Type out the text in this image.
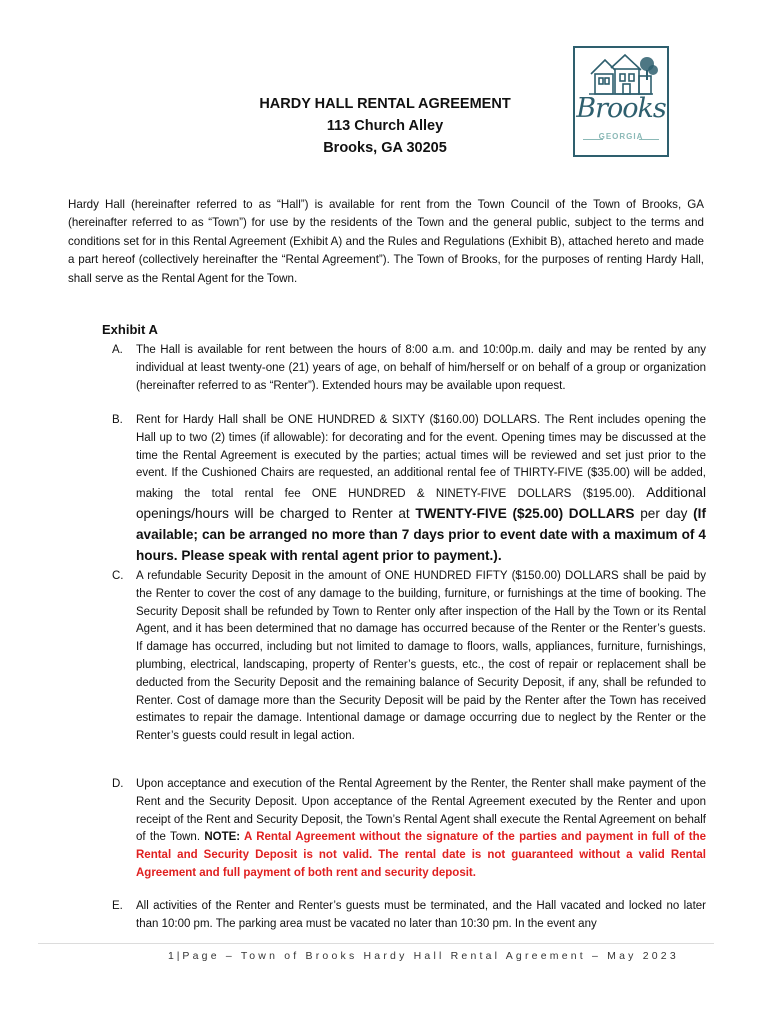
Brooks
GEORGIA
HARDY HALL RENTAL AGREEMENT
113 Church Alley
Brooks, GA 30205
Hardy Hall (hereinafter referred to as “Hall”) is available for rent from the Town Council of the Town of Brooks, GA (hereinafter referred to as “Town”) for use by the residents of the Town and the general public, subject to the terms and conditions set for in this Rental Agreement (Exhibit A) and the Rules and Regulations (Exhibit B), attached hereto and made a part hereof (collectively hereinafter the “Rental Agreement”). The Town of Brooks, for the purposes of renting Hardy Hall, shall serve as the Rental Agent for the Town.
Exhibit A
A.	The Hall is available for rent between the hours of 8:00 a.m. and 10:00p.m. daily and may be rented by any individual at least twenty-one (21) years of age, on behalf of him/herself or on behalf of a group or organization (hereinafter referred to as “Renter”). Extended hours may be available upon request.
B.	Rent for Hardy Hall shall be ONE HUNDRED & SIXTY ($160.00) DOLLARS. The Rent includes opening the Hall up to two (2) times (if allowable): for decorating and for the event. Opening times may be discussed at the time the Rental Agreement is executed by the parties; actual times will be reviewed and set just prior to the event. If the Cushioned Chairs are requested, an additional rental fee of THIRTY-FIVE ($35.00) will be added, making the total rental fee ONE HUNDRED & NINETY-FIVE DOLLARS ($195.00). Additional openings/hours will be charged to Renter at TWENTY-FIVE ($25.00) DOLLARS per day (If available; can be arranged no more than 7 days prior to event date with a maximum of 4 hours. Please speak with rental agent prior to payment.).
C.	A refundable Security Deposit in the amount of ONE HUNDRED FIFTY ($150.00) DOLLARS shall be paid by the Renter to cover the cost of any damage to the building, furniture, or furnishings at the time of booking. The Security Deposit shall be refunded by Town to Renter only after inspection of the Hall by the Town or its Rental Agent, and it has been determined that no damage has occurred because of the Renter or the Renter’s guests. If damage has occurred, including but not limited to damage to floors, walls, appliances, furniture, furnishings, plumbing, electrical, landscaping, property of Renter’s guests, etc., the cost of repair or replacement shall be deducted from the Security Deposit and the remaining balance of Security Deposit, if any, shall be refunded to Renter. Cost of damage more than the Security Deposit will be paid by the Renter after the Town has received estimates to repair the damage. Intentional damage or damage occurring due to neglect by the Renter or the Renter’s guests could result in legal action.
D.	Upon acceptance and execution of the Rental Agreement by the Renter, the Renter shall make payment of the Rent and the Security Deposit. Upon acceptance of the Rental Agreement executed by the Renter and upon receipt of the Rent and Security Deposit, the Town’s Rental Agent shall execute the Rental Agreement on behalf of the Town. NOTE: A Rental Agreement without the signature of the parties and payment in full of the Rental and Security Deposit is not valid. The rental date is not guaranteed without a valid Rental Agreement and full payment of both rent and security deposit.
E.	All activities of the Renter and Renter’s guests must be terminated, and the Hall vacated and locked no later than 10:00 pm. The parking area must be vacated no later than 10:30 pm. In the event any
1 | Page – Town of Brooks Hardy Hall Rental Agreement – May 2023
